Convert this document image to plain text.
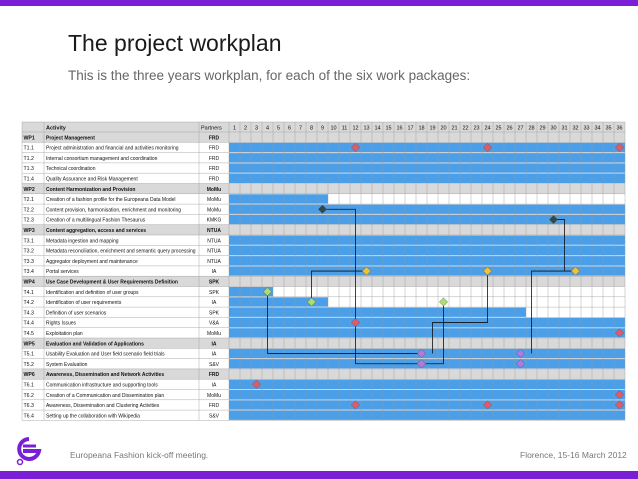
The project workplan
This is the three years workplan, for each of the six work packages:
Activity	Partners 1 2 3 4 5 6 7 8 9 10 11 12 13 14 15 16 17 18 19 20 21 22 23 24 25 26 27 28 29 30 31 32 33 34 35 36
WP1 Project Management	FRD
T1.1 Project administration and financial and activities monitoring	FRD
T1.2 Internal consortium management and coordination	FRD
T1.3 Technical coordination	FRD
T1.4 Quality Assurance and Risk Management	FRD
WP2 Content Harmonization and Provision	MoMu
T2.1 Creation of a fashion profile for the Europeana Data Model	MoMu
T2.2 Content provision, harmonisation, enrichment and monitoring	MoMu
T2.3 Creation of a multilingual Fashion Thesaurus	KMKG
WP3 Content aggregation, access and services	NTUA
T3.1 Metadata ingestion and mapping	NTUA
T3.2 Metadata reconciliation, enrichment and semantic query processing NTUA
T3.3 Aggregator deployment and maintenance	NTUA
T3.4 Portal services	IA
WP4 Use Case Development & User Requirements Definition	SPK
T4.1 Identification and definition of user groups	SPK
T4.2 Identification of user requirements	IA
T4.3 Definition of user scenarios	SPK
T4.4 Rights Issues	V&A
T4.5 Exploitation plan	MoMu
WP5 Evaluation and Validation of Applications	IA
T5.1 Usability Evaluation and User field scenario field trials	IA
T5.2 System Evaluation	S&V
WP6 Awareness, Dissemination and Network Activities	FRD
T6.1 Communication infrastructure and supporting tools	IA
T6.2 Creation of a Communication and Dissemination plan	MoMu
T6.3 Awareness, Dissemination and Clustering Activities	FRD
T6.4 Setting up the collaboration with Wikipedia	S&V
Europeana Fashion kick-off meeting.	Florence, 15-16 March 2012
